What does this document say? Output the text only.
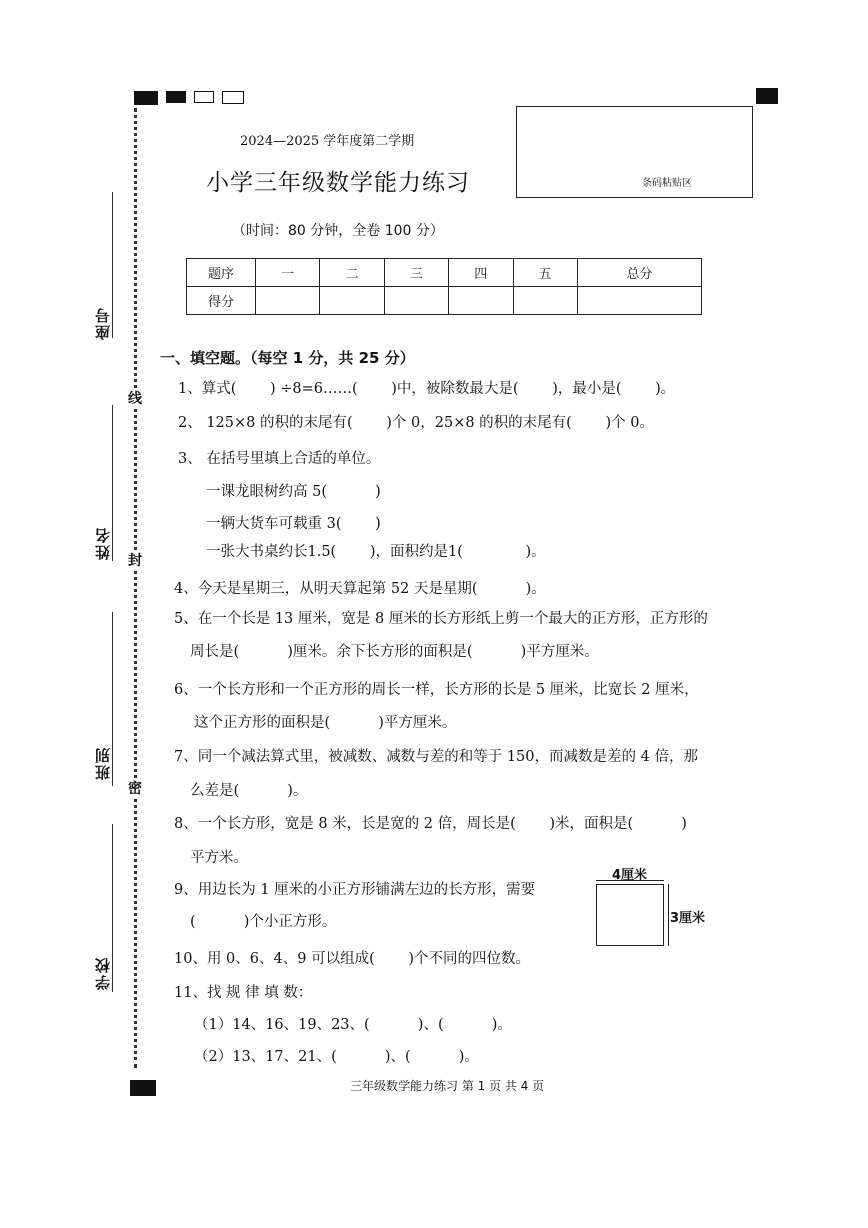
座号
姓名
班别
学校
线
封
密
2024—2025 学年度第二学期
小学三年级数学能力练习
（时间：80 分钟，全卷 100 分）
条码粘贴区
题序	一	二	三	四	五	总分
得分						
一、填空题。（每空 1 分，共 25 分）
1、算式(　　 ) ÷8=6……(　　 )中，被除数最大是(　　 )，最小是(　　 )。
2、 125×8 的积的末尾有(　　 )个 0，25×8 的积的末尾有(　　 )个 0。
3、 在括号里填上合适的单位。
一课龙眼树约高 5(　　　 )
一辆大货车可载重 3(　　 )
一张大书桌约长1.5(　　 )，面积约是1(　　　　 )。
4、今天是星期三，从明天算起第 52 天是星期(　　　 )。
5、在一个长是 13 厘米，宽是 8 厘米的长方形纸上剪一个最大的正方形，正方形的
周长是(　　　 )厘米。余下长方形的面积是(　　　 )平方厘米。
6、一个长方形和一个正方形的周长一样，长方形的长是 5 厘米，比宽长 2 厘米，
这个正方形的面积是(　　　 )平方厘米。
7、同一个减法算式里，被减数、减数与差的和等于 150，而减数是差的 4 倍，那
么差是(　　　 )。
8、一个长方形，宽是 8 米，长是宽的 2 倍，周长是(　　 )米，面积是(　　　 )
平方米。
9、用边长为 1 厘米的小正方形铺满左边的长方形，需要
(　　　 )个小正方形。
10、用 0、6、4、9 可以组成(　　 )个不同的四位数。
11、找 规 律 填 数：
（1）14、16、19、23、(　　　 )、(　　　 )。
（2）13、17、21、(　　　 )、(　　　 )。
4厘米
3厘米
三年级数学能力练习 第 1 页 共 4 页
